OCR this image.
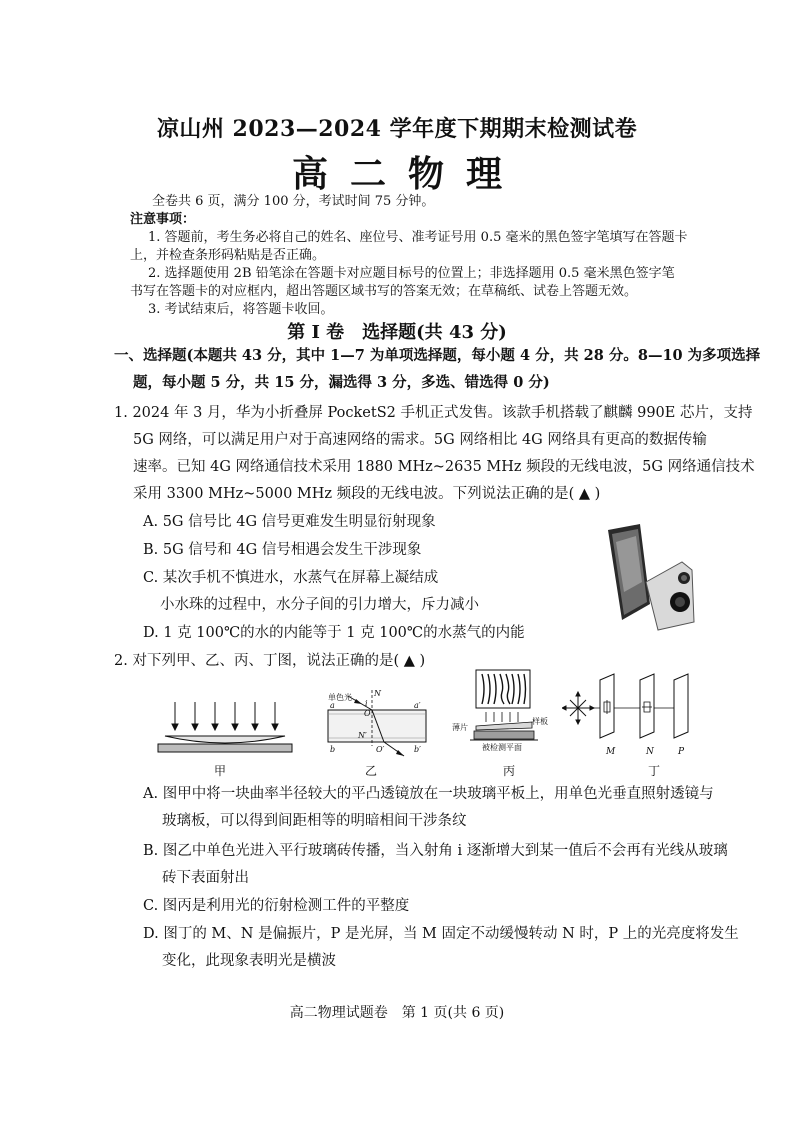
凉山州 2023—2024 学年度下期期末检测试卷
高二物理
全卷共 6 页，满分 100 分，考试时间 75 分钟。
注意事项：
1. 答题前，考生务必将自己的姓名、座位号、准考证号用 0.5 毫米的黑色签字笔填写在答题卡
上，并检查条形码粘贴是否正确。
2. 选择题使用 2B 铅笔涂在答题卡对应题目标号的位置上；非选择题用 0.5 毫米黑色签字笔
书写在答题卡的对应框内，超出答题区域书写的答案无效；在草稿纸、试卷上答题无效。
3. 考试结束后，将答题卡收回。
第 Ⅰ 卷　选择题(共 43 分)
一、选择题(本题共 43 分，其中 1—7 为单项选择题，每小题 4 分，共 28 分。8—10 为多项选择
题，每小题 5 分，共 15 分，漏选得 3 分，多选、错选得 0 分)
1. 2024 年 3 月，华为小折叠屏 PocketS2 手机正式发售。该款手机搭载了麒麟 990E 芯片，支持
5G 网络，可以满足用户对于高速网络的需求。5G 网络相比 4G 网络具有更高的数据传输
速率。已知 4G 网络通信技术采用 1880 MHz~2635 MHz 频段的无线电波，5G 网络通信技术
采用 3300 MHz~5000 MHz 频段的无线电波。下列说法正确的是( ▲ )
A. 5G 信号比 4G 信号更难发生明显衍射现象
B. 5G 信号和 4G 信号相遇会发生干涉现象
C. 某次手机不慎进水，水蒸气在屏幕上凝结成
小水珠的过程中，水分子间的引力增大，斥力减小
D. 1 克 100℃的水的内能等于 1 克 100℃的水蒸气的内能
2. 对下列甲、乙、丙、丁图，说法正确的是( ▲ )
甲
单色光	N
i
O
a	a′
b	b′
N′
O′
乙
薄片
样板
被检测平面
丙
M	N	P
丁
A. 图甲中将一块曲率半径较大的平凸透镜放在一块玻璃平板上，用单色光垂直照射透镜与
玻璃板，可以得到间距相等的明暗相间干涉条纹
B. 图乙中单色光进入平行玻璃砖传播，当入射角 i 逐渐增大到某一值后不会再有光线从玻璃
砖下表面射出
C. 图丙是利用光的衍射检测工件的平整度
D. 图丁的 M、N 是偏振片，P 是光屏，当 M 固定不动缓慢转动 N 时，P 上的光亮度将发生
变化，此现象表明光是横波
高二物理试题卷　第 1 页(共 6 页)
